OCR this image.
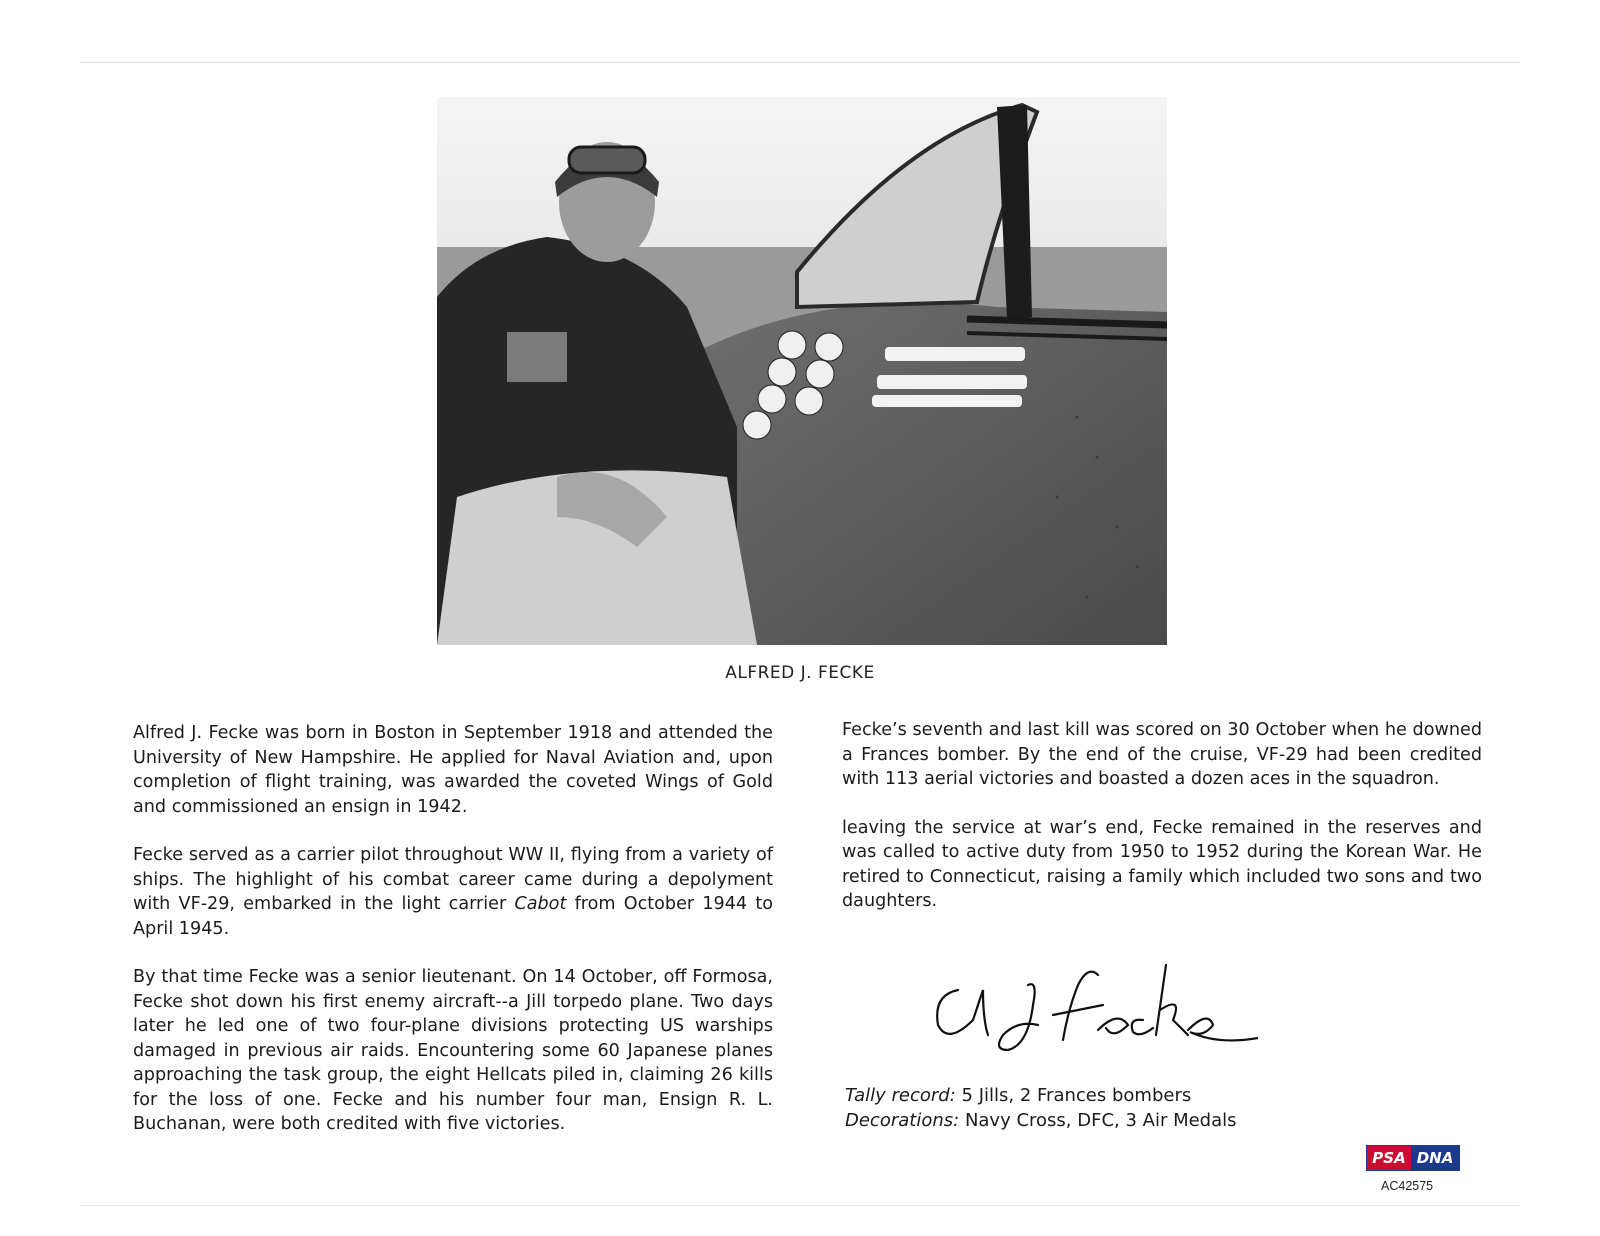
ALFRED J. FECKE

Alfred J. Fecke was born in Boston in September 1918 and attended the University of New Hampshire. He applied for Naval Aviation and, upon completion of flight training, was awarded the coveted Wings of Gold and commissioned an ensign in 1942.

Fecke served as a carrier pilot throughout WW II, flying from a variety of ships. The highlight of his combat career came during a depolyment with VF-29, embarked in the light carrier Cabot from October 1944 to April 1945.

By that time Fecke was a senior lieutenant. On 14 October, off Formosa, Fecke shot down his first enemy aircraft--a Jill torpedo plane. Two days later he led one of two four-plane divisions protecting US warships damaged in previous air raids. Encountering some 60 Japanese planes approaching the task group, the eight Hellcats piled in, claiming 26 kills for the loss of one. Fecke and his number four man, Ensign R. L. Buchanan, were both credited with five victories.

Fecke’s seventh and last kill was scored on 30 October when he downed a Frances bomber. By the end of the cruise, VF-29 had been credited with 113 aerial victories and boasted a dozen aces in the squadron.

leaving the service at war’s end, Fecke remained in the reserves and was called to active duty from 1950 to 1952 during the Korean War. He retired to Connecticut, raising a family which included two sons and two daughters.

Tally record: 5 Jills, 2 Frances bombers
Decorations: Navy Cross, DFC, 3 Air Medals
PSA DNA
AC42575
